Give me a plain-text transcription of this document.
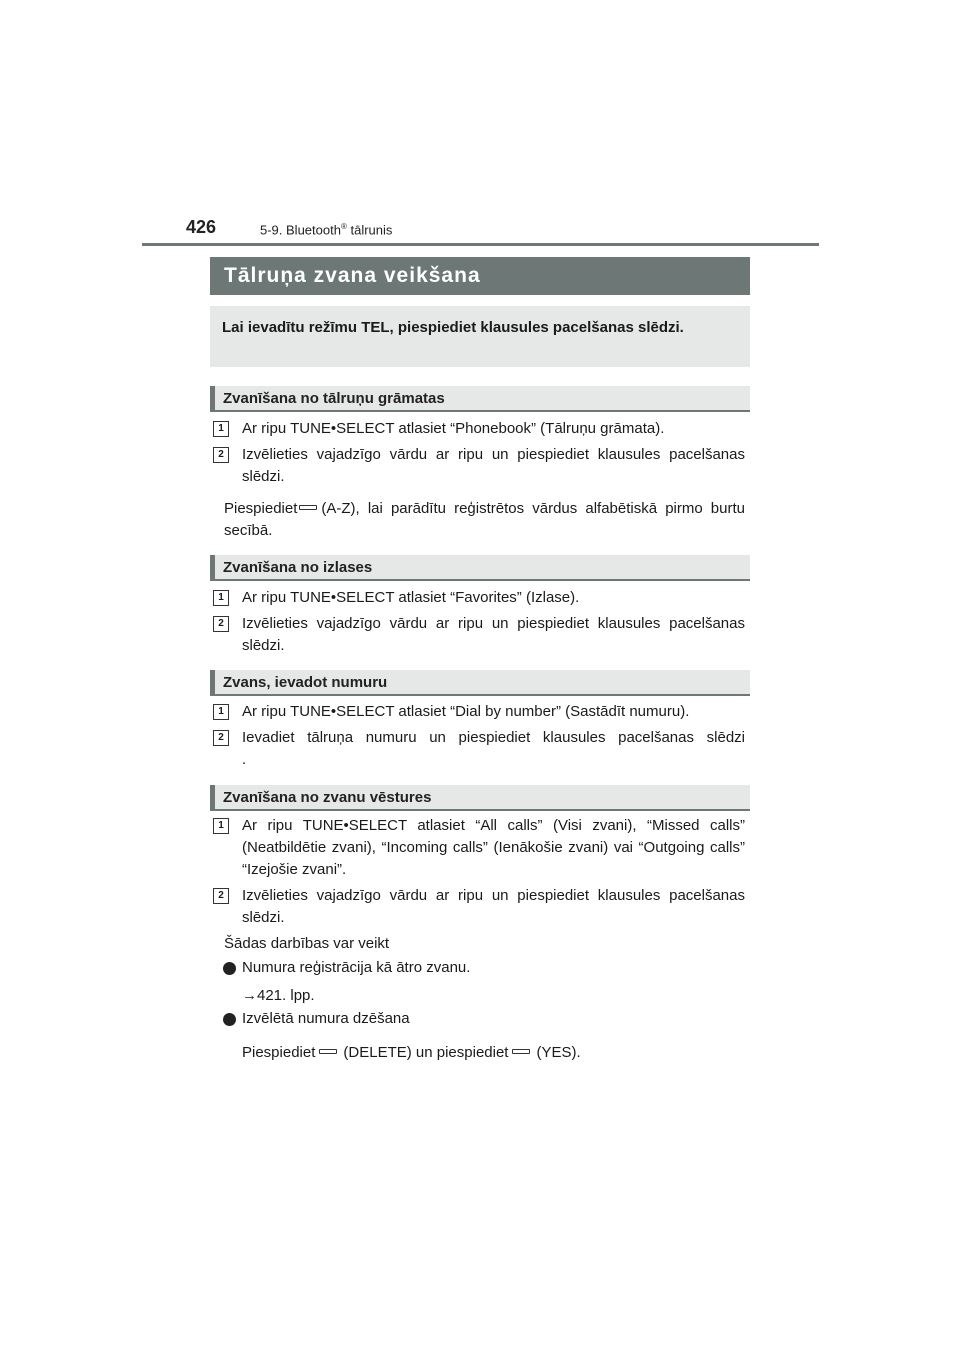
426	5-9. Bluetooth® tālrunis
Tālruņa zvana veikšana
Lai ievadītu režīmu TEL, piespiediet klausules pacelšanas slēdzi.
Zvanīšana no tālruņu grāmatas
1	Ar ripu TUNE•SELECT atlasiet “Phonebook” (Tālruņu grāmata).
2	Izvēlieties vajadzīgo vārdu ar ripu un piespiediet klausules pacelšanas slēdzi.
Piespiediet (A-Z), lai parādītu reģistrētos vārdus alfabētiskā pirmo burtu secībā.
Zvanīšana no izlases
1	Ar ripu TUNE•SELECT atlasiet “Favorites” (Izlase).
2	Izvēlieties vajadzīgo vārdu ar ripu un piespiediet klausules pacelšanas slēdzi.
Zvans, ievadot numuru
1	Ar ripu TUNE•SELECT atlasiet “Dial by number” (Sastādīt numuru).
2	Ievadiet tālruņa numuru un piespiediet klausules pacelšanas slēdzi
.
Zvanīšana no zvanu vēstures
1	Ar ripu TUNE•SELECT atlasiet “All calls” (Visi zvani), “Missed calls” (Neatbildētie zvani), “Incoming calls” (Ienākošie zvani) vai “Outgoing calls” “Izejošie zvani”.
2	Izvēlieties vajadzīgo vārdu ar ripu un piespiediet klausules pacelšanas slēdzi.
Šādas darbības var veikt
Numura reģistrācija kā ātro zvanu.
→421. lpp.
Izvēlētā numura dzēšana
Piespiediet (DELETE) un piespiediet (YES).
